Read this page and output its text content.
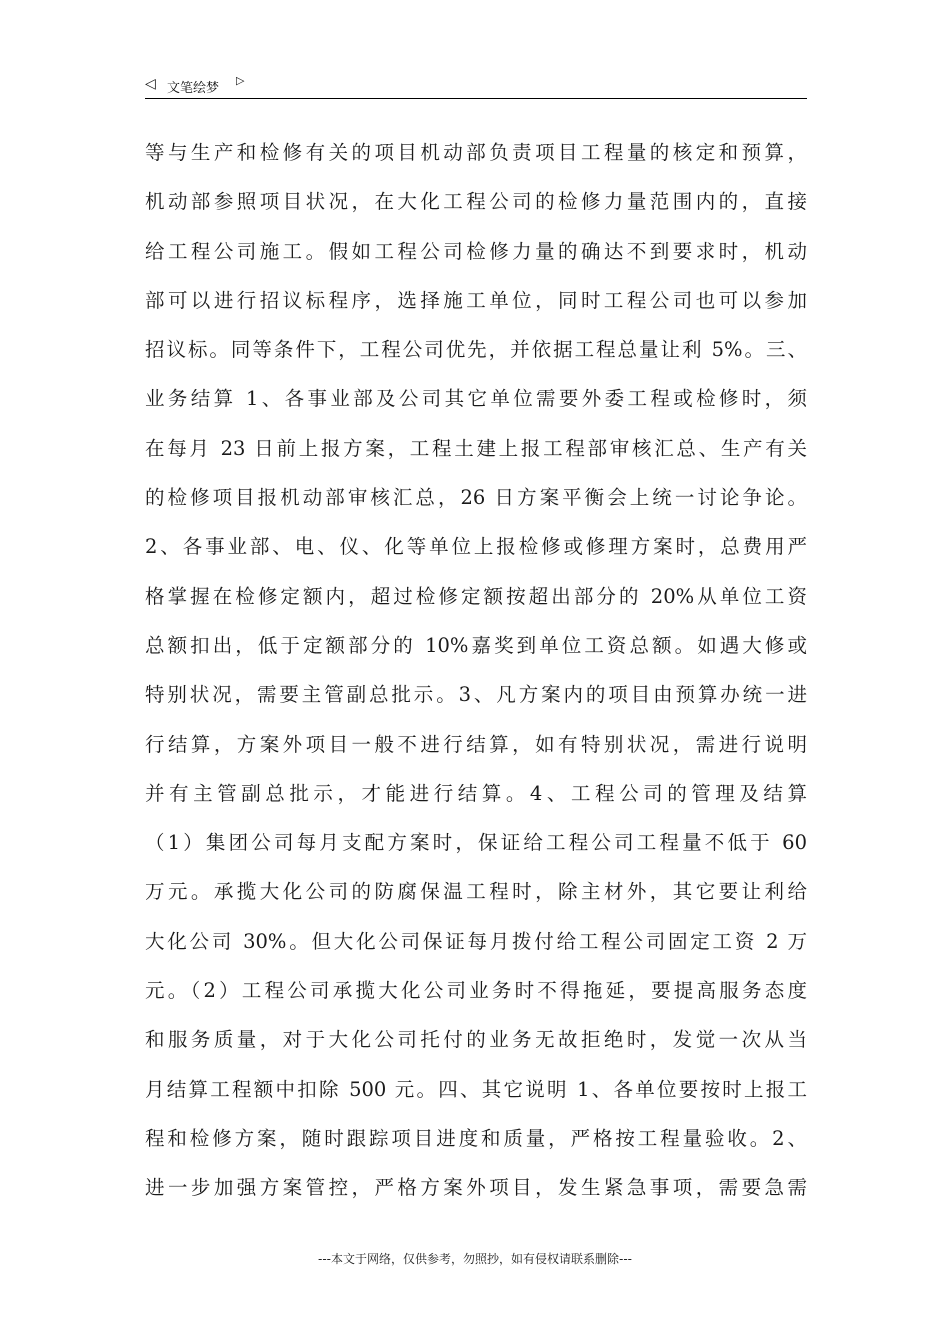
◁ 文笔绘梦
▷
等与生产和检修有关的项目机动部负责项目工程量的核定和预算，
机动部参照项目状况，在大化工程公司的检修力量范围内的，直接
给工程公司施工。假如工程公司检修力量的确达不到要求时，机动
部可以进行招议标程序，选择施工单位，同时工程公司也可以参加
招议标。同等条件下，工程公司优先，并依据工程总量让利 5%。三、
业务结算 1、各事业部及公司其它单位需要外委工程或检修时，须
在每月 23 日前上报方案，工程土建上报工程部审核汇总、生产有关
的检修项目报机动部审核汇总，26 日方案平衡会上统一讨论争论。
2、各事业部、电、仪、化等单位上报检修或修理方案时，总费用严
格掌握在检修定额内，超过检修定额按超出部分的 20%从单位工资
总额扣出，低于定额部分的 10%嘉奖到单位工资总额。如遇大修或
特别状况，需要主管副总批示。3、凡方案内的项目由预算办统一进
行结算，方案外项目一般不进行结算，如有特别状况，需进行说明
并有主管副总批示，才能进行结算。4、工程公司的管理及结算
（1）集团公司每月支配方案时，保证给工程公司工程量不低于 60
万元。承揽大化公司的防腐保温工程时，除主材外，其它要让利给
大化公司 30%。但大化公司保证每月拨付给工程公司固定工资 2 万
元。（2）工程公司承揽大化公司业务时不得拖延，要提高服务态度
和服务质量，对于大化公司托付的业务无故拒绝时，发觉一次从当
月结算工程额中扣除 500 元。四、其它说明 1、各单位要按时上报工
程和检修方案，随时跟踪项目进度和质量，严格按工程量验收。2、
进一步加强方案管控，严格方案外项目，发生紧急事项，需要急需
---本文于网络，仅供参考，勿照抄，如有侵权请联系删除---
